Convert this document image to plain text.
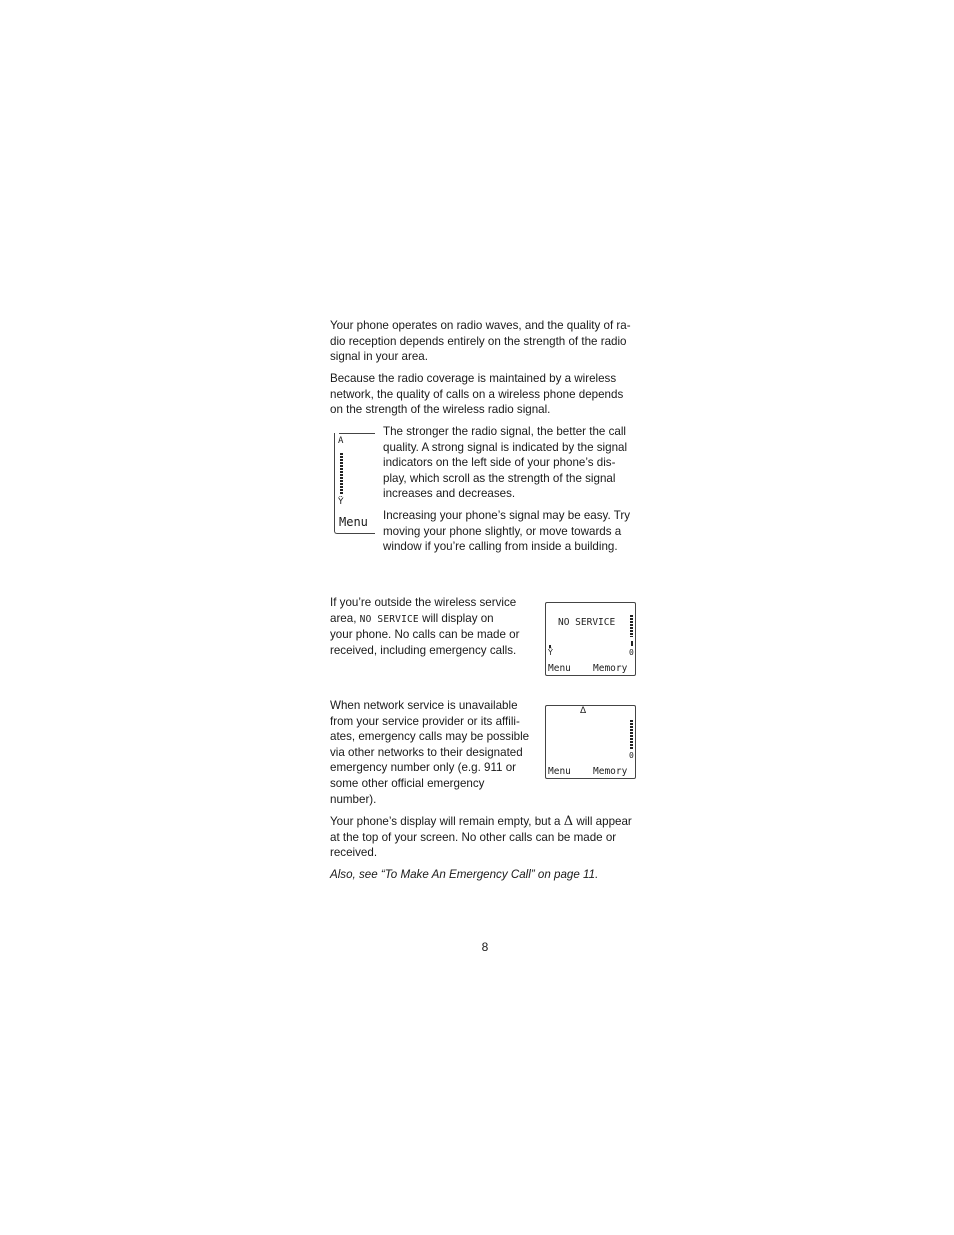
Your phone operates on radio waves, and the quality of ra-
dio reception depends entirely on the strength of the radio
signal in your area.
Because the radio coverage is maintained by a wireless
network, the quality of calls on a wireless phone depends
on the strength of the wireless radio signal.
A
Ÿ
Menu
The stronger the radio signal, the better the call
quality. A strong signal is indicated by the signal
indicators on the left side of your phone’s dis-
play, which scroll as the strength of the signal
increases and decreases.
Increasing your phone’s signal may be easy. Try
moving your phone slightly, or move towards a
window if you’re calling from inside a building.
If you’re outside the wireless service
area, NO SERVICE will display on
your phone. No calls can be made or
received, including emergency calls.
NO SERVICE
Ÿ	0
Menu Memory
When network service is unavailable
from your service provider or its affili-
ates, emergency calls may be possible
via other networks to their designated
emergency number only (e.g. 911 or
some other official emergency
number).
Δ
0
Menu Memory
Your phone’s display will remain empty, but a Δ will appear
at the top of your screen. No other calls can be made or
received.
Also, see “To Make An Emergency Call” on page 11.
8
